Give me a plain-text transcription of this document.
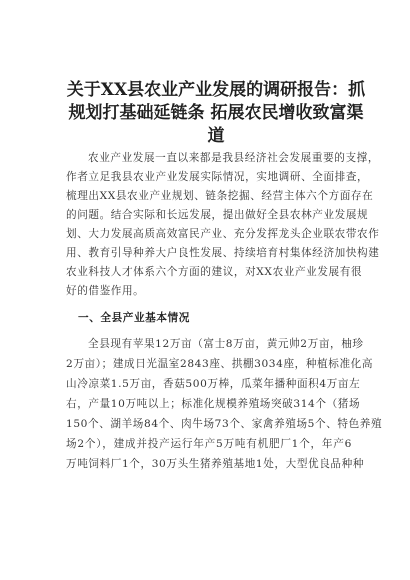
关于XX县农业产业发展的调研报告：抓
规划打基础延链条 拓展农民增收致富渠
道
农业产业发展一直以来都是我县经济社会发展重要的支撑，
作者立足我县农业产业发展实际情况，实地调研、全面排查，
梳理出XX县农业产业规划、链条挖掘、经营主体六个方面存在
的问题。结合实际和长远发展，提出做好全县农林产业发展规
划、大力发展高质高效富民产业、充分发挥龙头企业联农带农作
用、教育引导种养大户良性发展、持续培育村集体经济加快构建
农业科技人才体系六个方面的建议，对XX农业产业发展有很
好的借鉴作用。
一、全县产业基本情况
全县现有苹果12万亩（富士8万亩，黄元帅2万亩，柚珍
2万亩）；建成日光温室2843座、拱棚3034座，种植标准化高
山冷凉菜1.5万亩，香菇500万棒，瓜菜年播种面积4万亩左
右，产量10万吨以上；标准化规模养殖场突破314个（猪场
150个、湖羊场84个、肉牛场73个、家禽养殖场5个、特色养殖
场2个），建成并投产运行年产5万吨有机肥厂1个，年产6
万吨饲料厂1个，30万头生猪养殖基地1处，大型优良品种种
